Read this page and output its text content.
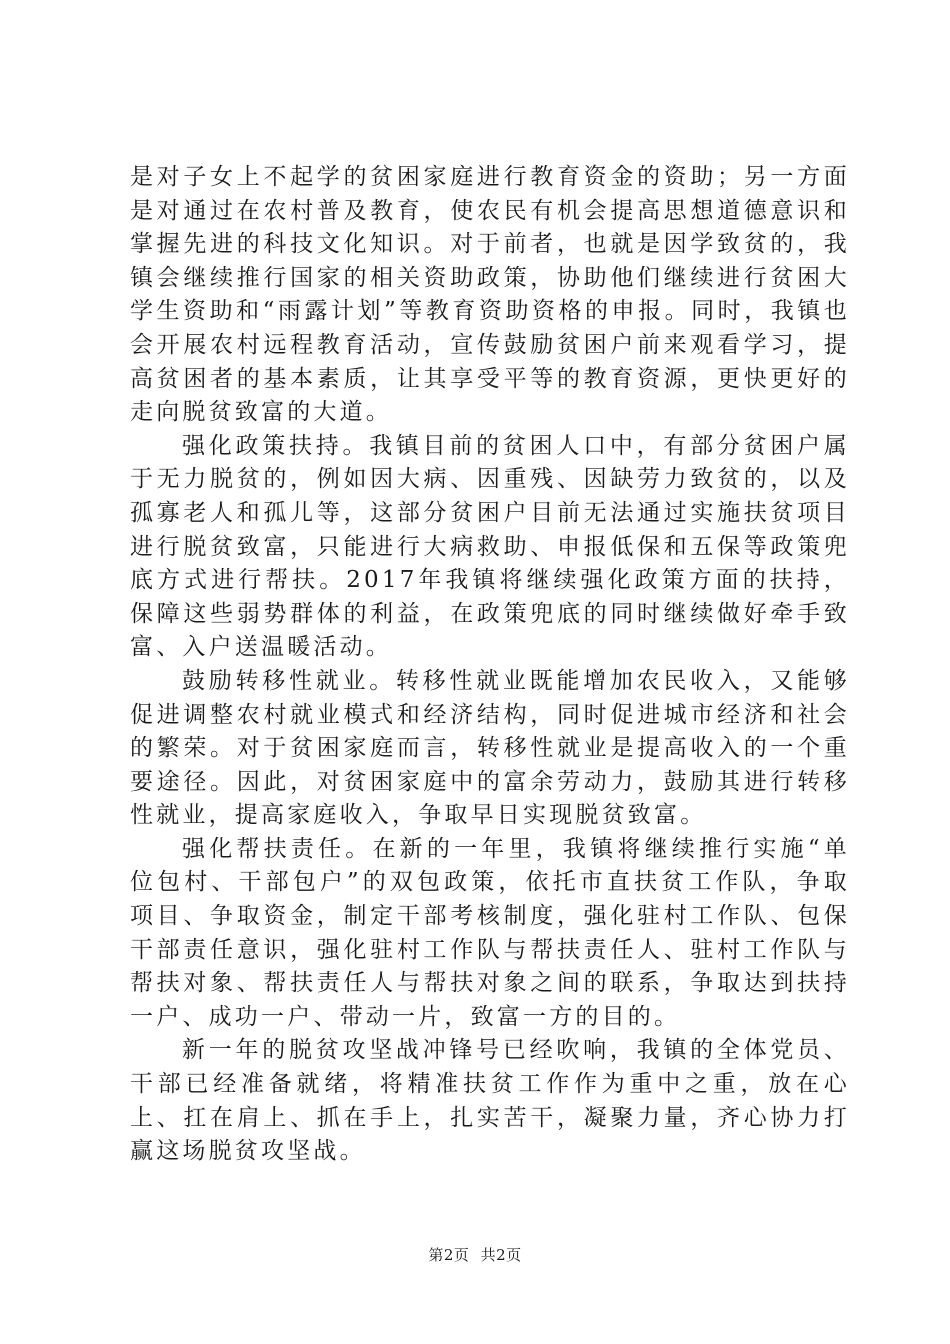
是对子女上不起学的贫困家庭进行教育资金的资助；另一方面是对通过在农村普及教育，使农民有机会提高思想道德意识和掌握先进的科技文化知识。对于前者，也就是因学致贫的，我镇会继续推行国家的相关资助政策，协助他们继续进行贫困大学生资助和“雨露计划”等教育资助资格的申报。同时，我镇也会开展农村远程教育活动，宣传鼓励贫困户前来观看学习，提高贫困者的基本素质，让其享受平等的教育资源，更快更好的走向脱贫致富的大道。

强化政策扶持。我镇目前的贫困人口中，有部分贫困户属于无力脱贫的，例如因大病、因重残、因缺劳力致贫的，以及孤寡老人和孤儿等，这部分贫困户目前无法通过实施扶贫项目进行脱贫致富，只能进行大病救助、申报低保和五保等政策兜底方式进行帮扶。2017年我镇将继续强化政策方面的扶持，保障这些弱势群体的利益，在政策兜底的同时继续做好牵手致富、入户送温暖活动。

鼓励转移性就业。转移性就业既能增加农民收入，又能够促进调整农村就业模式和经济结构，同时促进城市经济和社会的繁荣。对于贫困家庭而言，转移性就业是提高收入的一个重要途径。因此，对贫困家庭中的富余劳动力，鼓励其进行转移性就业，提高家庭收入，争取早日实现脱贫致富。

强化帮扶责任。在新的一年里，我镇将继续推行实施“单位包村、干部包户”的双包政策，依托市直扶贫工作队，争取项目、争取资金，制定干部考核制度，强化驻村工作队、包保干部责任意识，强化驻村工作队与帮扶责任人、驻村工作队与帮扶对象、帮扶责任人与帮扶对象之间的联系，争取达到扶持一户、成功一户、带动一片，致富一方的目的。

新一年的脱贫攻坚战冲锋号已经吹响，我镇的全体党员、干部已经准备就绪，将精准扶贫工作作为重中之重，放在心上、扛在肩上、抓在手上，扎实苦干，凝聚力量，齐心协力打赢这场脱贫攻坚战。

第2页 共2页
